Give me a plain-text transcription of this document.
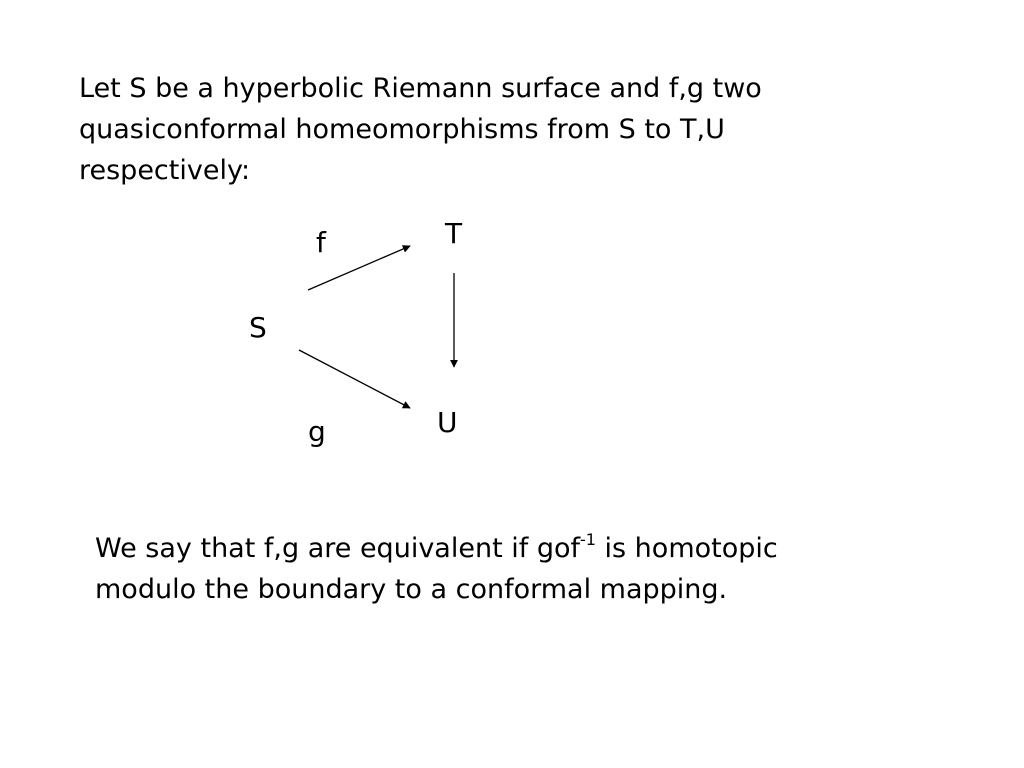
Let S be a hyperbolic Riemann surface and f,g two
quasiconformal homeomorphisms from S to T,U
respectively:

f
g
S
T
U

We say that f,g are equivalent if gof$^{-1}$ is homotopic
modulo the boundary to a conformal mapping.
